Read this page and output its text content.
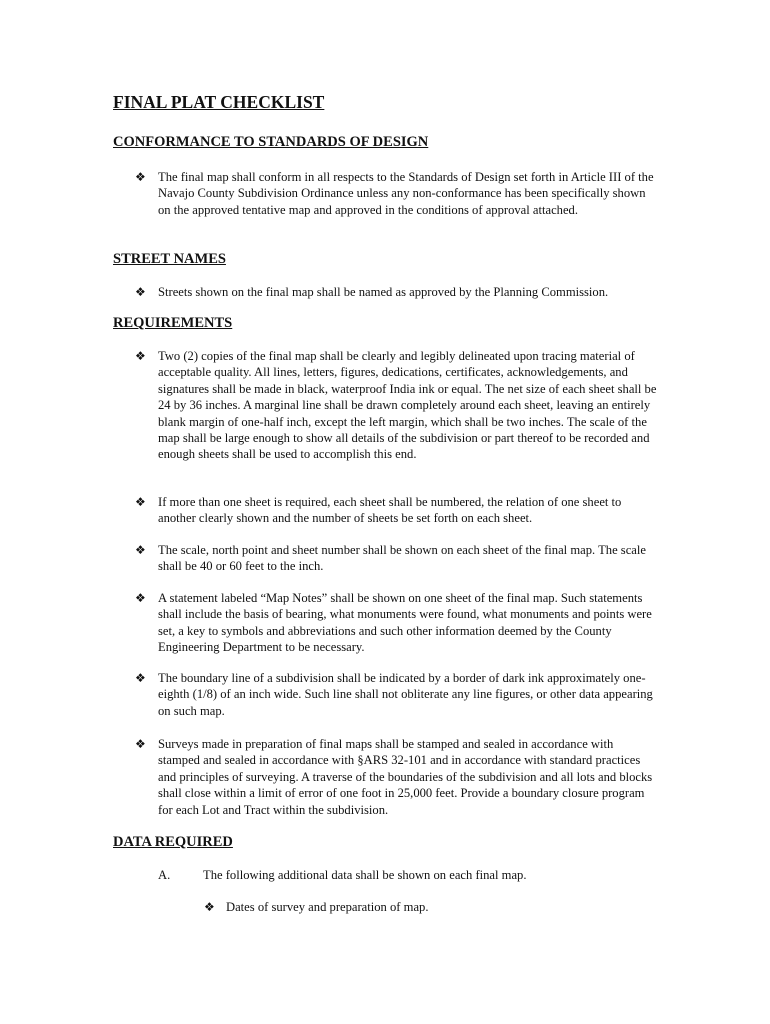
FINAL PLAT CHECKLIST
CONFORMANCE TO STANDARDS OF DESIGN
❖ The final map shall conform in all respects to the Standards of Design set forth in Article III of the Navajo County Subdivision Ordinance unless any non-conformance has been specifically shown on the approved tentative map and approved in the conditions of approval attached.
STREET NAMES
❖ Streets shown on the final map shall be named as approved by the Planning Commission.
REQUIREMENTS
❖ Two (2) copies of the final map shall be clearly and legibly delineated upon tracing material of acceptable quality. All lines, letters, figures, dedications, certificates, acknowledgements, and signatures shall be made in black, waterproof India ink or equal. The net size of each sheet shall be 24 by 36 inches. A marginal line shall be drawn completely around each sheet, leaving an entirely blank margin of one-half inch, except the left margin, which shall be two inches. The scale of the map shall be large enough to show all details of the subdivision or part thereof to be recorded and enough sheets shall be used to accomplish this end.
❖ If more than one sheet is required, each sheet shall be numbered, the relation of one sheet to another clearly shown and the number of sheets be set forth on each sheet.
❖ The scale, north point and sheet number shall be shown on each sheet of the final map. The scale shall be 40 or 60 feet to the inch.
❖ A statement labeled “Map Notes” shall be shown on one sheet of the final map. Such statements shall include the basis of bearing, what monuments were found, what monuments and points were set, a key to symbols and abbreviations and such other information deemed by the County Engineering Department to be necessary.
❖ The boundary line of a subdivision shall be indicated by a border of dark ink approximately one-eighth (1/8) of an inch wide. Such line shall not obliterate any line figures, or other data appearing on such map.
❖ Surveys made in preparation of final maps shall be stamped and sealed in accordance with stamped and sealed in accordance with §ARS 32-101 and in accordance with standard practices and principles of surveying. A traverse of the boundaries of the subdivision and all lots and blocks shall close within a limit of error of one foot in 25,000 feet. Provide a boundary closure program for each Lot and Tract within the subdivision.
DATA REQUIRED
A.	The following additional data shall be shown on each final map.
❖ Dates of survey and preparation of map.
